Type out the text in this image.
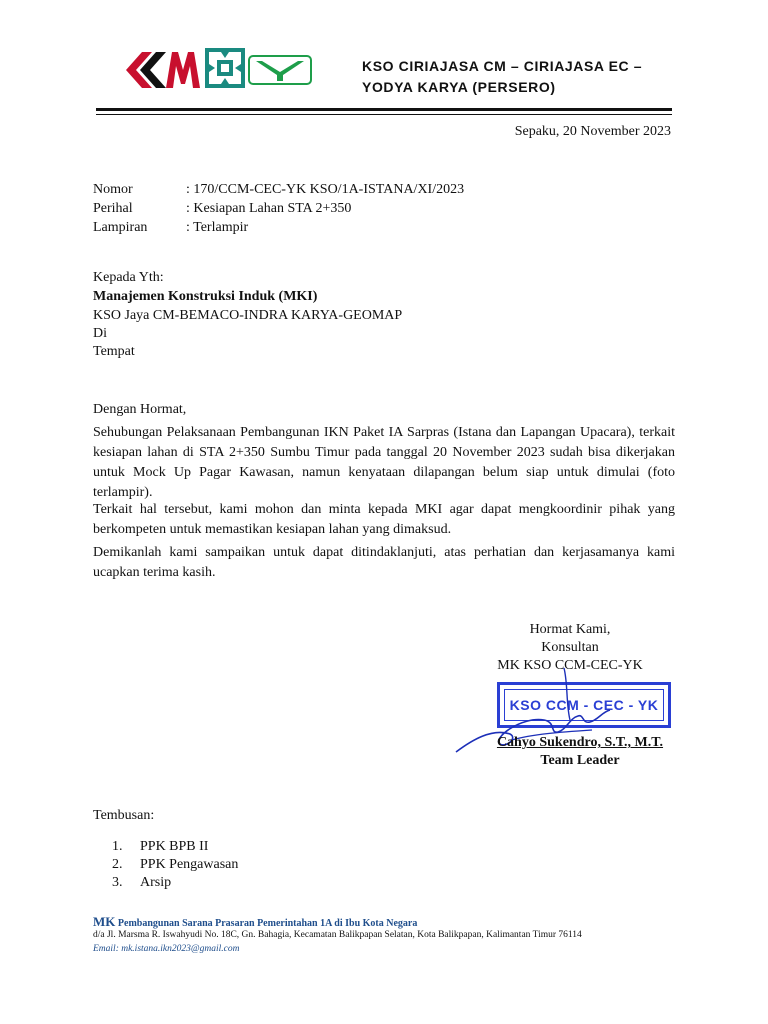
KSO CIRIAJASA CM – CIRIAJASA EC –
YODYA KARYA (PERSERO)
Sepaku, 20 November 2023
Nomor	: 170/CCM-CEC-YK KSO/1A-ISTANA/XI/2023
Perihal	: Kesiapan Lahan STA 2+350
Lampiran	: Terlampir
Kepada Yth:
Manajemen Konstruksi Induk (MKI)
KSO Jaya CM-BEMACO-INDRA KARYA-GEOMAP
Di
Tempat
Dengan Hormat,
Sehubungan Pelaksanaan Pembangunan IKN Paket IA Sarpras (Istana dan Lapangan Upacara), terkait kesiapan lahan di STA 2+350 Sumbu Timur pada tanggal 20 November 2023 sudah bisa dikerjakan untuk Mock Up Pagar Kawasan, namun kenyataan dilapangan belum siap untuk dimulai (foto terlampir).
Terkait hal tersebut, kami mohon dan minta kepada MKI agar dapat mengkoordinir pihak yang berkompeten untuk memastikan kesiapan lahan yang dimaksud.
Demikanlah kami sampaikan untuk dapat ditindaklanjuti, atas perhatian dan kerjasamanya kami ucapkan terima kasih.
Hormat Kami,
Konsultan
MK KSO CCM-CEC-YK
KSO CCM - CEC - YK
Cahyo Sukendro, S.T., M.T.
Team Leader
Tembusan:
1. PPK BPB II
2. PPK Pengawasan
3. Arsip
MK Pembangunan Sarana Prasaran Pemerintahan 1A di Ibu Kota Negara
d/a Jl. Marsma R. Iswahyudi No. 18C, Gn. Bahagia, Kecamatan Balikpapan Selatan, Kota Balikpapan, Kalimantan Timur 76114
Email: mk.istana.ikn2023@gmail.com
